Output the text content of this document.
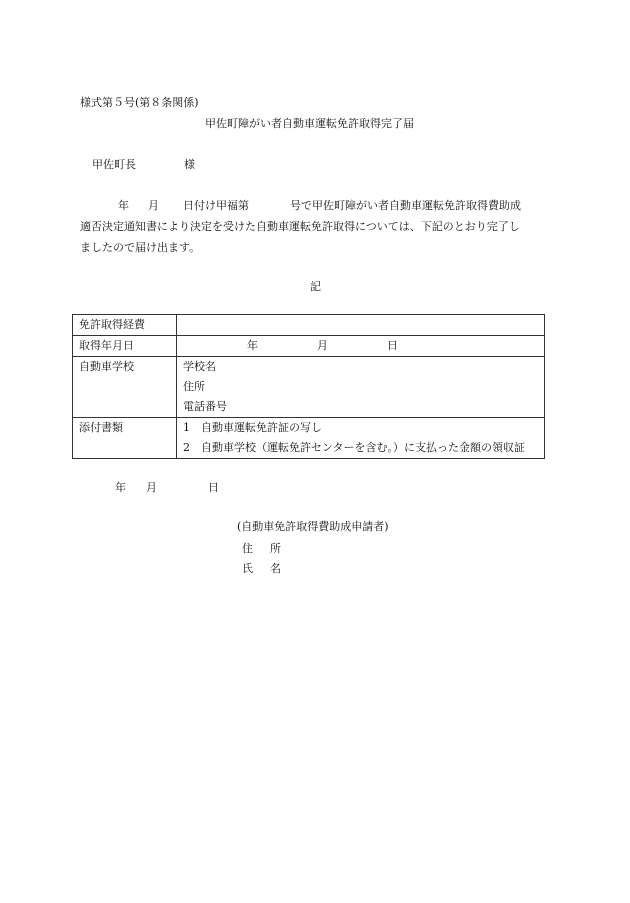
様式第５号(第８条関係)
甲佐町障がい者自動車運転免許取得完了届
甲佐町長	様
年 月 日付け甲福第	号で甲佐町障がい者自動車運転免許取得費助成
適否決定通知書により決定を受けた自動車運転免許取得については、下記のとおり完了し
ましたので届け出ます。
記
免許取得経費	
取得年月日	年 月 日

自動車学校	学校名
住所
電話番号

添付書類	1　自動車運転免許証の写し
2　自動車学校（運転免許センターを含む。）に支払った金額の領収証
年 月	日
(自動車免許取得費助成申請者)
住所
氏名
